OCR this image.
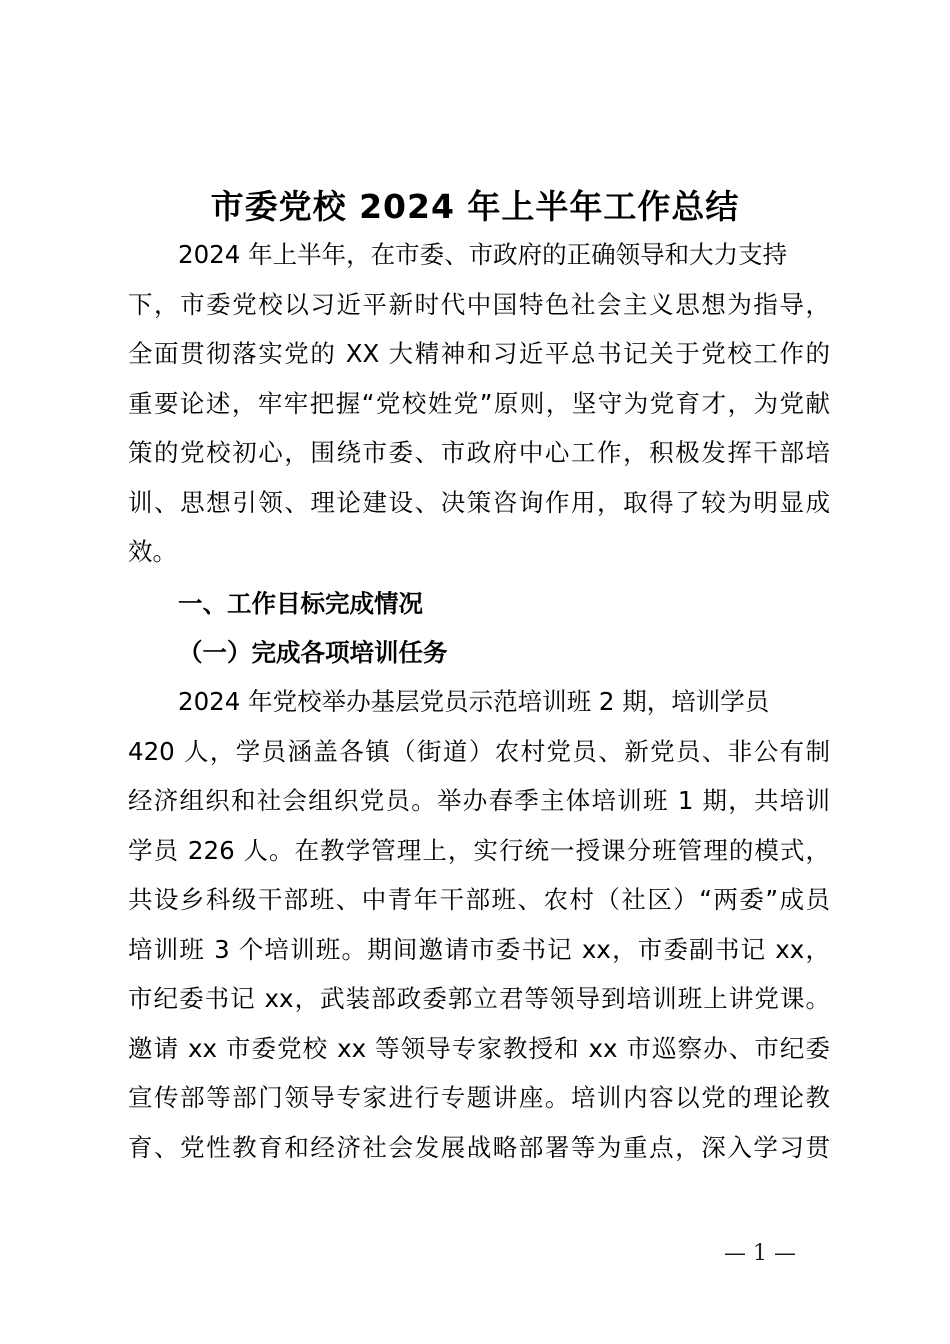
市委党校 2024 年上半年工作总结
2024 年上半年，在市委、市政府的正确领导和大力支持
下，市委党校以习近平新时代中国特色社会主义思想为指导，
全面贯彻落实党的 XX 大精神和习近平总书记关于党校工作的
重要论述，牢牢把握“党校姓党”原则，坚守为党育才，为党献
策的党校初心，围绕市委、市政府中心工作，积极发挥干部培
训、思想引领、理论建设、决策咨询作用，取得了较为明显成
效。
一、工作目标完成情况
（一）完成各项培训任务
2024 年党校举办基层党员示范培训班 2 期，培训学员
420 人，学员涵盖各镇（街道）农村党员、新党员、非公有制
经济组织和社会组织党员。举办春季主体培训班 1 期，共培训
学员 226 人。在教学管理上，实行统一授课分班管理的模式，
共设乡科级干部班、中青年干部班、农村（社区）“两委”成员
培训班 3 个培训班。期间邀请市委书记 xx，市委副书记 xx，
市纪委书记 xx，武装部政委郭立君等领导到培训班上讲党课。
邀请 xx 市委党校 xx 等领导专家教授和 xx 市巡察办、市纪委
宣传部等部门领导专家进行专题讲座。培训内容以党的理论教
育、党性教育和经济社会发展战略部署等为重点，深入学习贯
— 1 —
